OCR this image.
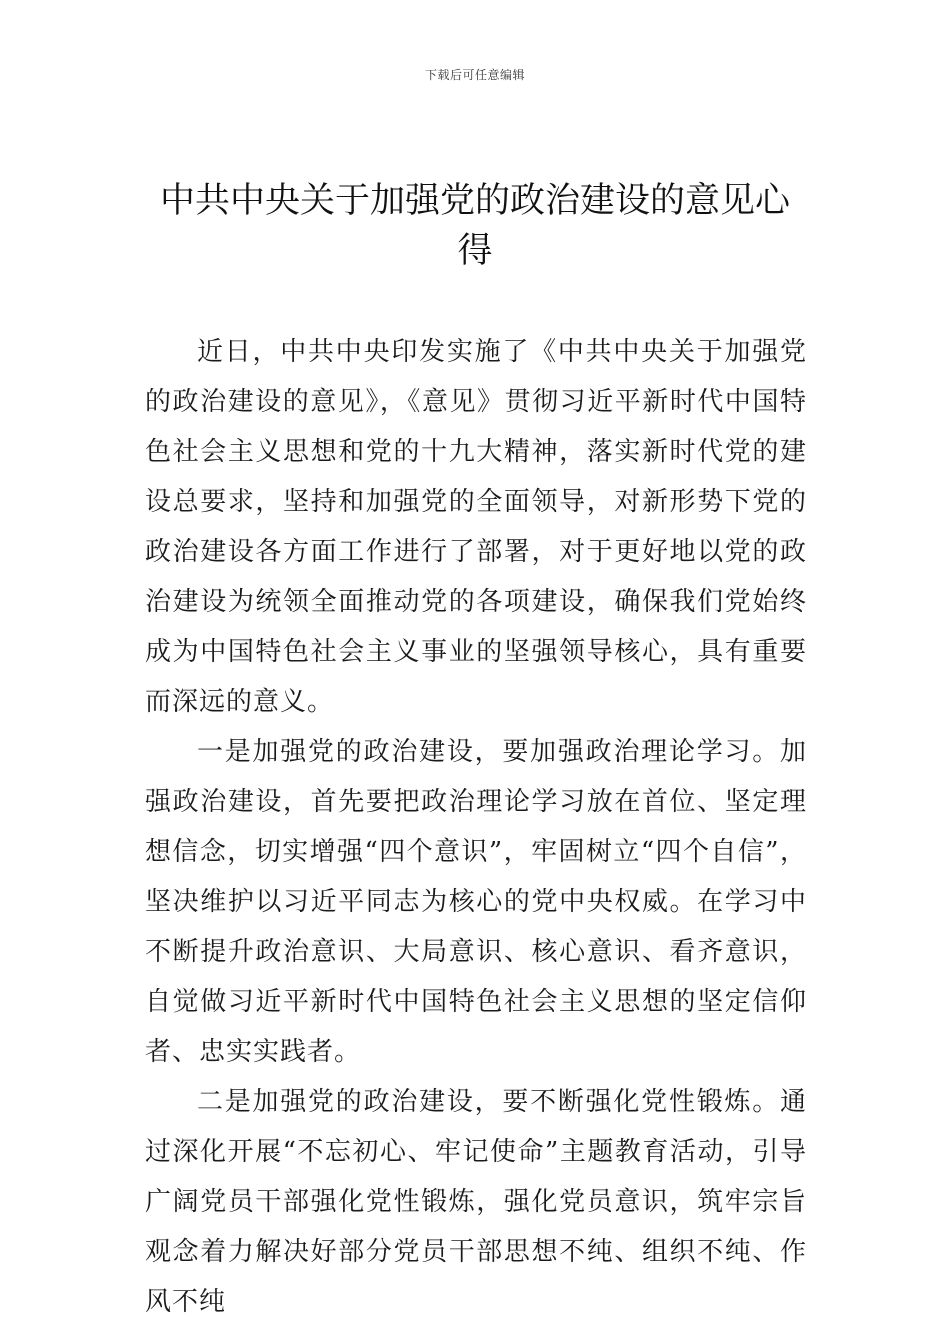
下载后可任意编辑
中共中央关于加强党的政治建设的意见心得

近日，中共中央印发实施了《中共中央关于加强党的政治建设的意见》，《意见》贯彻习近平新时代中国特色社会主义思想和党的十九大精神，落实新时代党的建设总要求，坚持和加强党的全面领导，对新形势下党的政治建设各方面工作进行了部署，对于更好地以党的政治建设为统领全面推动党的各项建设，确保我们党始终成为中国特色社会主义事业的坚强领导核心，具有重要而深远的意义。

一是加强党的政治建设，要加强政治理论学习。加强政治建设，首先要把政治理论学习放在首位、坚定理想信念，切实增强“四个意识”，牢固树立“四个自信”，坚决维护以习近平同志为核心的党中央权威。在学习中不断提升政治意识、大局意识、核心意识、看齐意识，自觉做习近平新时代中国特色社会主义思想的坚定信仰者、忠实实践者。

二是加强党的政治建设，要不断强化党性锻炼。通过深化开展“不忘初心、牢记使命”主题教育活动，引导广阔党员干部强化党性锻炼，强化党员意识，筑牢宗旨观念着力解决好部分党员干部思想不纯、组织不纯、作风不纯
